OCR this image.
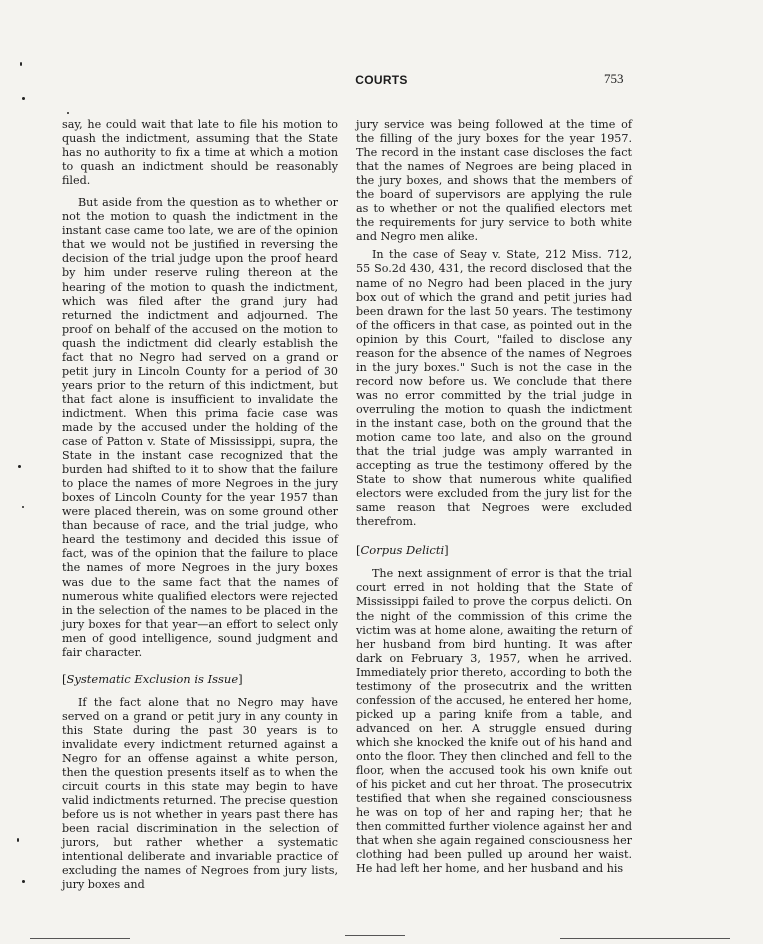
COURTS	753

say, he could wait that late to file his motion to quash the indictment, assuming that the State has no authority to fix a time at which a motion to quash an indictment should be reasonably filed.

But aside from the question as to whether or not the motion to quash the indictment in the instant case came too late, we are of the opinion that we would not be justified in reversing the decision of the trial judge upon the proof heard by him under reserve ruling thereon at the hearing of the motion to quash the indictment, which was filed after the grand jury had returned the indictment and adjourned. The proof on behalf of the accused on the motion to quash the indictment did clearly establish the fact that no Negro had served on a grand or petit jury in Lincoln County for a period of 30 years prior to the return of this indictment, but that fact alone is insufficient to invalidate the indictment. When this prima facie case was made by the accused under the holding of the case of Patton v. State of Mississippi, supra, the State in the instant case recognized that the burden had shifted to it to show that the failure to place the names of more Negroes in the jury boxes of Lincoln County for the year 1957 than were placed therein, was on some ground other than because of race, and the trial judge, who heard the testimony and decided this issue of fact, was of the opinion that the failure to place the names of more Negroes in the jury boxes was due to the same fact that the names of numerous white qualified electors were rejected in the selection of the names to be placed in the jury boxes for that year—an effort to select only men of good intelligence, sound judgment and fair character.

[Systematic Exclusion is Issue]

If the fact alone that no Negro may have served on a grand or petit jury in any county in this State during the past 30 years is to invalidate every indictment returned against a Negro for an offense against a white person, then the question presents itself as to when the circuit courts in this state may begin to have valid indictments returned. The precise question before us is not whether in years past there has been racial discrimination in the selection of jurors, but rather whether a systematic intentional deliberate and invariable practice of excluding the names of Negroes from jury lists, jury boxes and

jury service was being followed at the time of the filling of the jury boxes for the year 1957. The record in the instant case discloses the fact that the names of Negroes are being placed in the jury boxes, and shows that the members of the board of supervisors are applying the rule as to whether or not the qualified electors met the requirements for jury service to both white and Negro men alike.

In the case of Seay v. State, 212 Miss. 712, 55 So.2d 430, 431, the record disclosed that the name of no Negro had been placed in the jury box out of which the grand and petit juries had been drawn for the last 50 years. The testimony of the officers in that case, as pointed out in the opinion by this Court, "failed to disclose any reason for the absence of the names of Negroes in the jury boxes." Such is not the case in the record now before us. We conclude that there was no error committed by the trial judge in overruling the motion to quash the indictment in the instant case, both on the ground that the motion came too late, and also on the ground that the trial judge was amply warranted in accepting as true the testimony offered by the State to show that numerous white qualified electors were excluded from the jury list for the same reason that Negroes were excluded therefrom.

[Corpus Delicti]

The next assignment of error is that the trial court erred in not holding that the State of Mississippi failed to prove the corpus delicti. On the night of the commission of this crime the victim was at home alone, awaiting the return of her husband from bird hunting. It was after dark on February 3, 1957, when he arrived. Immediately prior thereto, according to both the testimony of the prosecutrix and the written confession of the accused, he entered her home, picked up a paring knife from a table, and advanced on her. A struggle ensued during which she knocked the knife out of his hand and onto the floor. They then clinched and fell to the floor, when the accused took his own knife out of his picket and cut her throat. The prosecutrix testified that when she regained consciousness he was on top of her and raping her; that he then committed further violence against her and that when she again regained consciousness her clothing had been pulled up around her waist. He had left her home, and her husband and his
